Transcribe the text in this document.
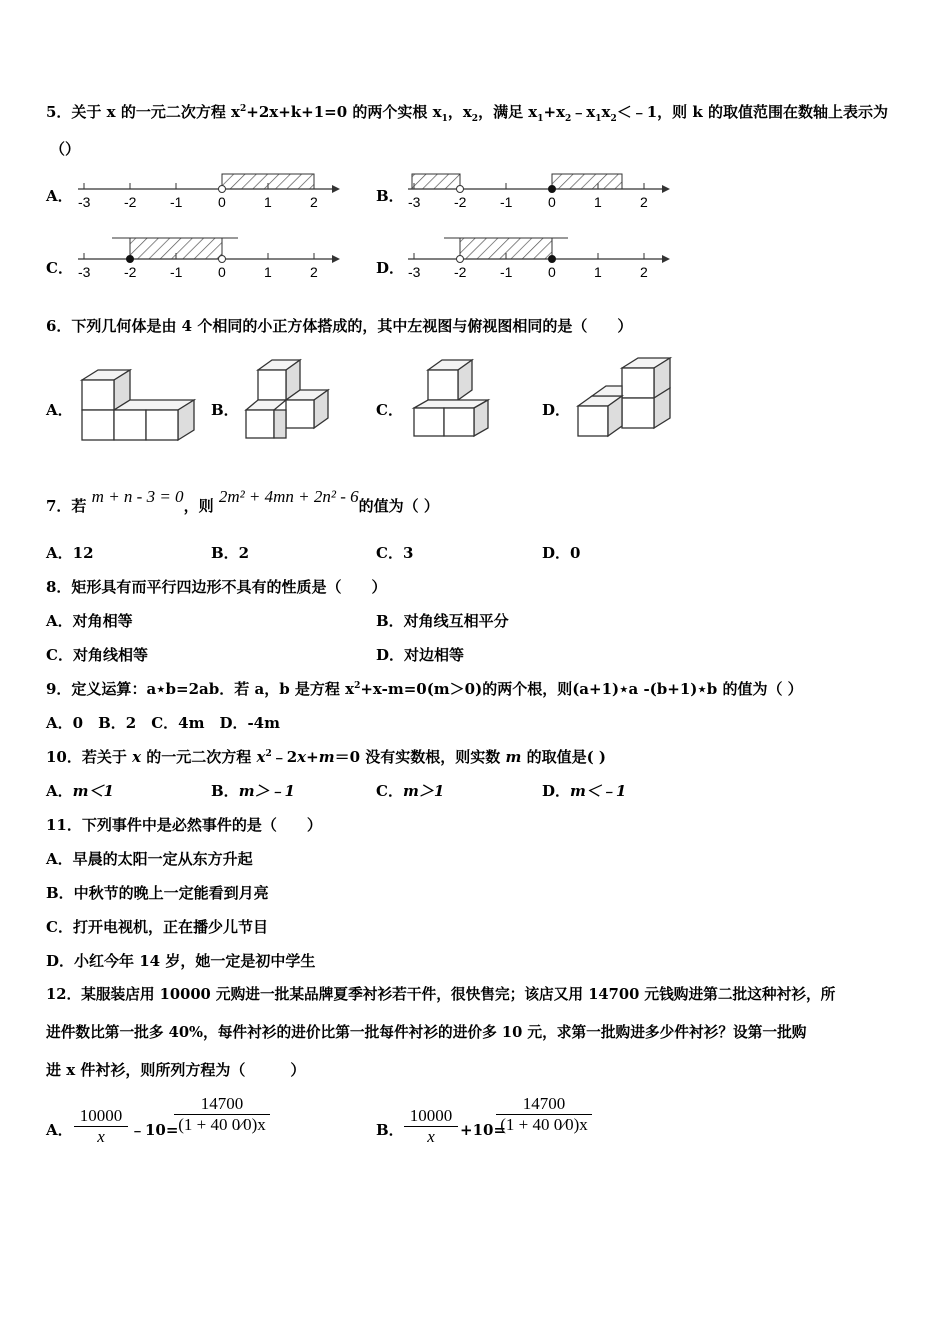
5．关于 x 的一元二次方程 $x^2+2x+k+1=0$ 的两个实根 $x_1$，$x_2$，满足 $x_1+x_2﹣x_1x_2<﹣1$，则 k 的取值范围在数轴上表示为
（）
-3 -2 -1	0	1	2	-3 -2 -1	0	1	2
-3 -2 -1	0	1	2	-3 -2 -1	0	1	2
A．	B．
C．	D．
6．下列几何体是由 4 个相同的小正方体搭成的，其中左视图与俯视图相同的是（　　）
A．	B．	C．	D．
7．若 m + n - 3 = 0，则 2m² + 4mn + 2n² - 6的值为（ ）
A．12	B．2	C．3	D．0
8．矩形具有而平行四边形不具有的性质是（　　）
A．对角相等	B．对角线互相平分
C．对角线相等	D．对边相等
9．定义运算：a⋆b=2ab．若 a，b 是方程 $x^2+x-m=0(m>0)$的两个根，则(a+1)⋆a -(b+1)⋆b 的值为（ ）
A．0　B．2　C．4m　D．-4m
10．若关于 x 的一元二次方程 $x^2﹣2x+m=0$ 没有实数根，则实数 m 的取值是( )
A．m＜1	B．m＞﹣1	C．m＞1	D．m＜﹣1
11．下列事件中是必然事件的是（　　）
A．早晨的太阳一定从东方升起
B．中秋节的晚上一定能看到月亮
C．打开电视机，正在播少儿节目
D．小红今年 14 岁，她一定是初中学生
12．某服装店用 10000 元购进一批某品牌夏季衬衫若干件，很快售完；该店又用 14700 元钱购进第二批这种衬衫，所
进件数比第一批多 40%，每件衬衫的进价比第一批每件衬衫的进价多 10 元，求第一批购进多少件衬衫？设第一批购
进 x 件衬衫，则所列方程为（　　　）
A．
10000
x	﹣10=
14700
(1 + 40 0⁄0)x	B．
10000
x	+10=
14700
(1 + 40 0⁄0)x
